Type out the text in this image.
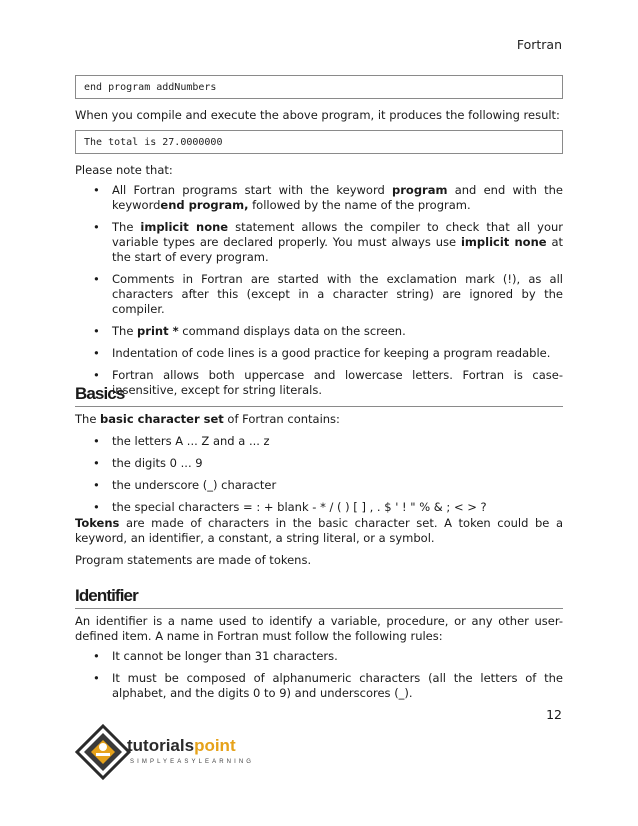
Fortran
end program addNumbers
When you compile and execute the above program, it produces the following result:
The total is 27.0000000
Please note that:
• All Fortran programs start with the keyword program and end with the keywordend program, followed by the name of the program.
• The implicit none statement allows the compiler to check that all your variable types are declared properly. You must always use implicit none at the start of every program.
• Comments in Fortran are started with the exclamation mark (!), as all characters after this (except in a character string) are ignored by the compiler.
• The print * command displays data on the screen.
• Indentation of code lines is a good practice for keeping a program readable.
• Fortran allows both uppercase and lowercase letters. Fortran is case-insensitive, except for string literals.
Basics
The basic character set of Fortran contains:
• the letters A ... Z and a ... z
• the digits 0 ... 9
• the underscore (_) character
• the special characters = : + blank - * / ( ) [ ] , . $ ' ! " % & ; < > ?
Tokens are made of characters in the basic character set. A token could be a keyword, an identifier, a constant, a string literal, or a symbol.
Program statements are made of tokens.
Identifier
An identifier is a name used to identify a variable, procedure, or any other user-defined item. A name in Fortran must follow the following rules:
• It cannot be longer than 31 characters.
• It must be composed of alphanumeric characters (all the letters of the alphabet, and the digits 0 to 9) and underscores (_).
12
tutorialspoint
SIMPLYEASYLEARNING
